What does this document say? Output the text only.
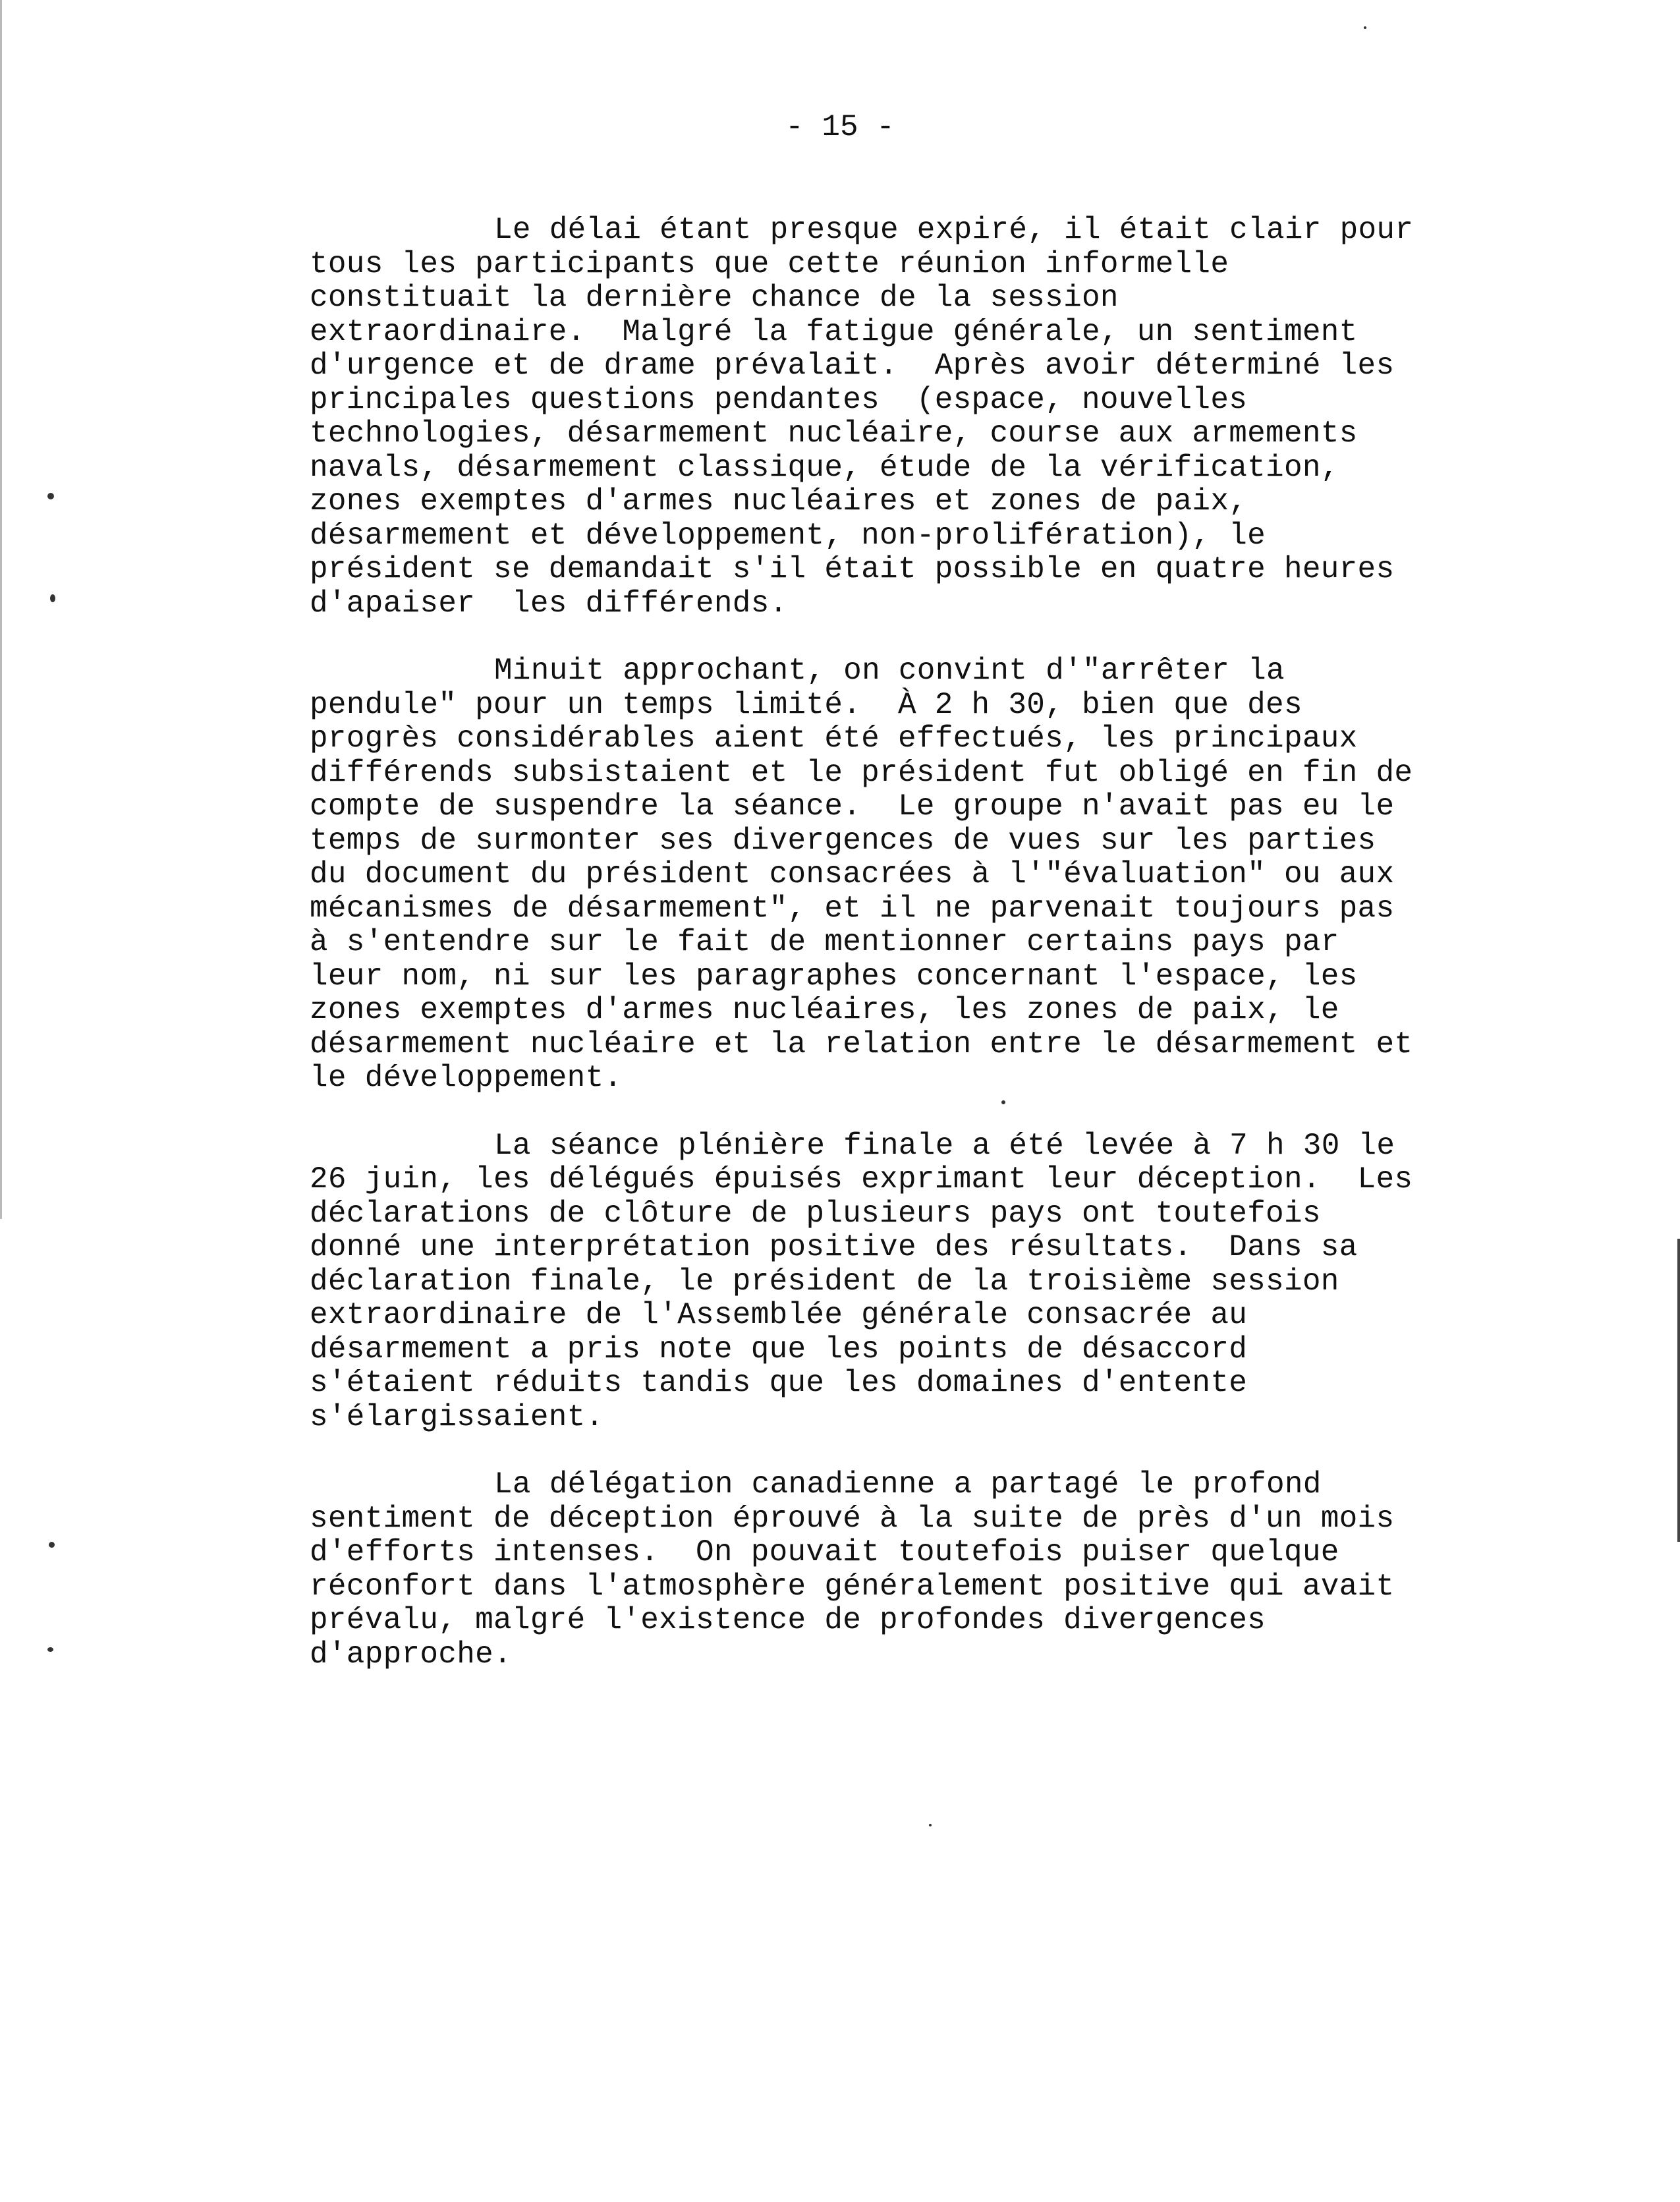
- 15 -
Le délai étant presque expiré, il était clair pour
tous les participants que cette réunion informelle
constituait la dernière chance de la session
extraordinaire.  Malgré la fatigue générale, un sentiment
d'urgence et de drame prévalait.  Après avoir déterminé les
principales questions pendantes  (espace, nouvelles
technologies, désarmement nucléaire, course aux armements
navals, désarmement classique, étude de la vérification,
zones exemptes d'armes nucléaires et zones de paix,
désarmement et développement, non-prolifération), le
président se demandait s'il était possible en quatre heures
d'apaiser  les différends.
Minuit approchant, on convint d'"arrêter la
pendule" pour un temps limité.  À 2 h 30, bien que des
progrès considérables aient été effectués, les principaux
différends subsistaient et le président fut obligé en fin de
compte de suspendre la séance.  Le groupe n'avait pas eu le
temps de surmonter ses divergences de vues sur les parties
du document du président consacrées à l'"évaluation" ou aux
mécanismes de désarmement", et il ne parvenait toujours pas
à s'entendre sur le fait de mentionner certains pays par
leur nom, ni sur les paragraphes concernant l'espace, les
zones exemptes d'armes nucléaires, les zones de paix, le
désarmement nucléaire et la relation entre le désarmement et
le développement.
La séance plénière finale a été levée à 7 h 30 le
26 juin, les délégués épuisés exprimant leur déception.  Les
déclarations de clôture de plusieurs pays ont toutefois
donné une interprétation positive des résultats.  Dans sa
déclaration finale, le président de la troisième session
extraordinaire de l'Assemblée générale consacrée au
désarmement a pris note que les points de désaccord
s'étaient réduits tandis que les domaines d'entente
s'élargissaient.
La délégation canadienne a partagé le profond
sentiment de déception éprouvé à la suite de près d'un mois
d'efforts intenses.  On pouvait toutefois puiser quelque
réconfort dans l'atmosphère généralement positive qui avait
prévalu, malgré l'existence de profondes divergences
d'approche.
